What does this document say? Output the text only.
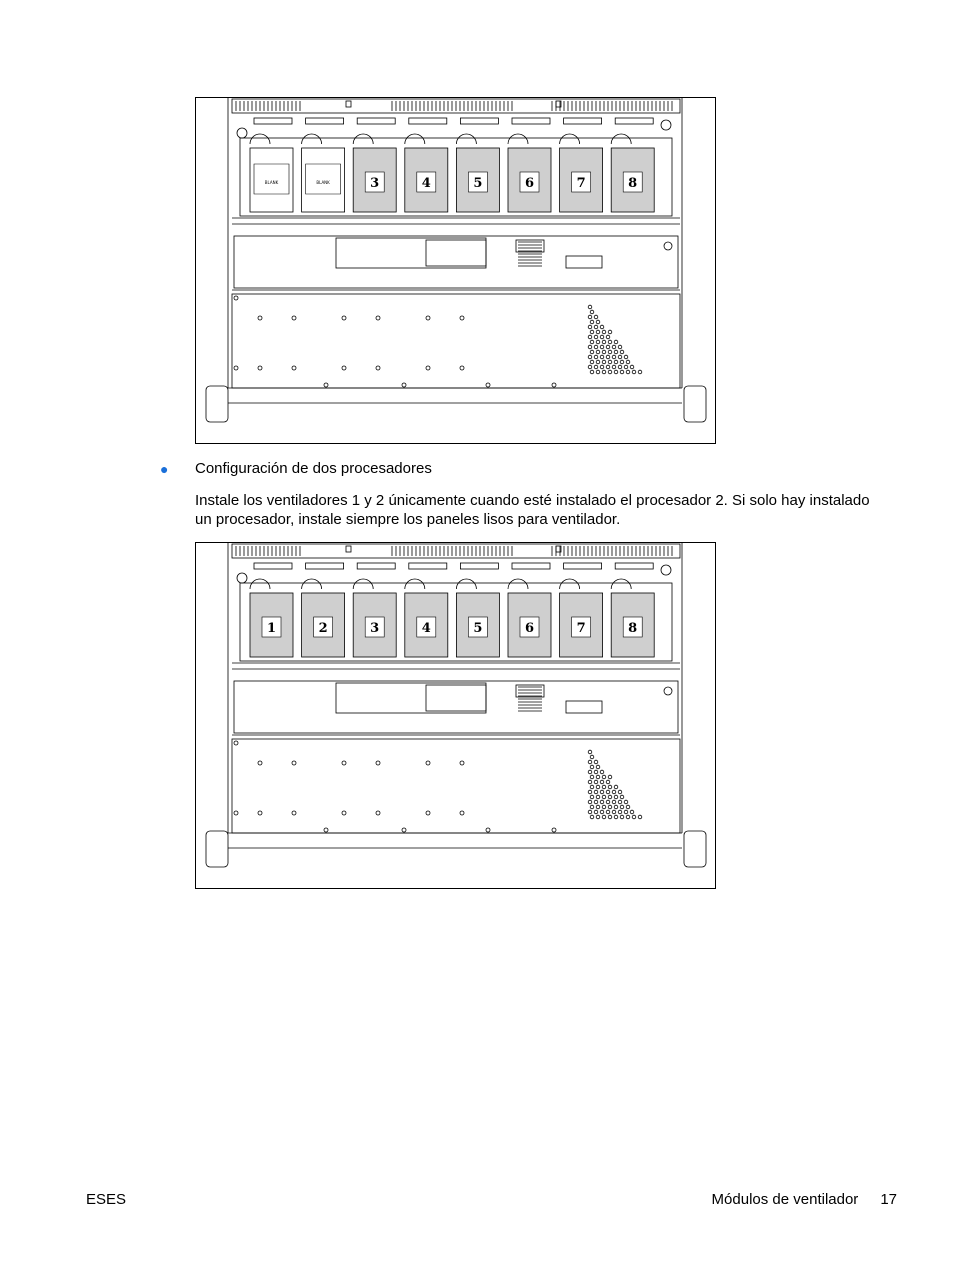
BLANK	BLANK	3	4	5	6	7	8
● Configuración de dos procesadores
Instale los ventiladores 1 y 2 únicamente cuando esté instalado el procesador 2. Si solo hay instalado un procesador, instale siempre los paneles lisos para ventilador.
1	2	3	4	5	6	7	8
ESES	Módulos de ventilador 17
